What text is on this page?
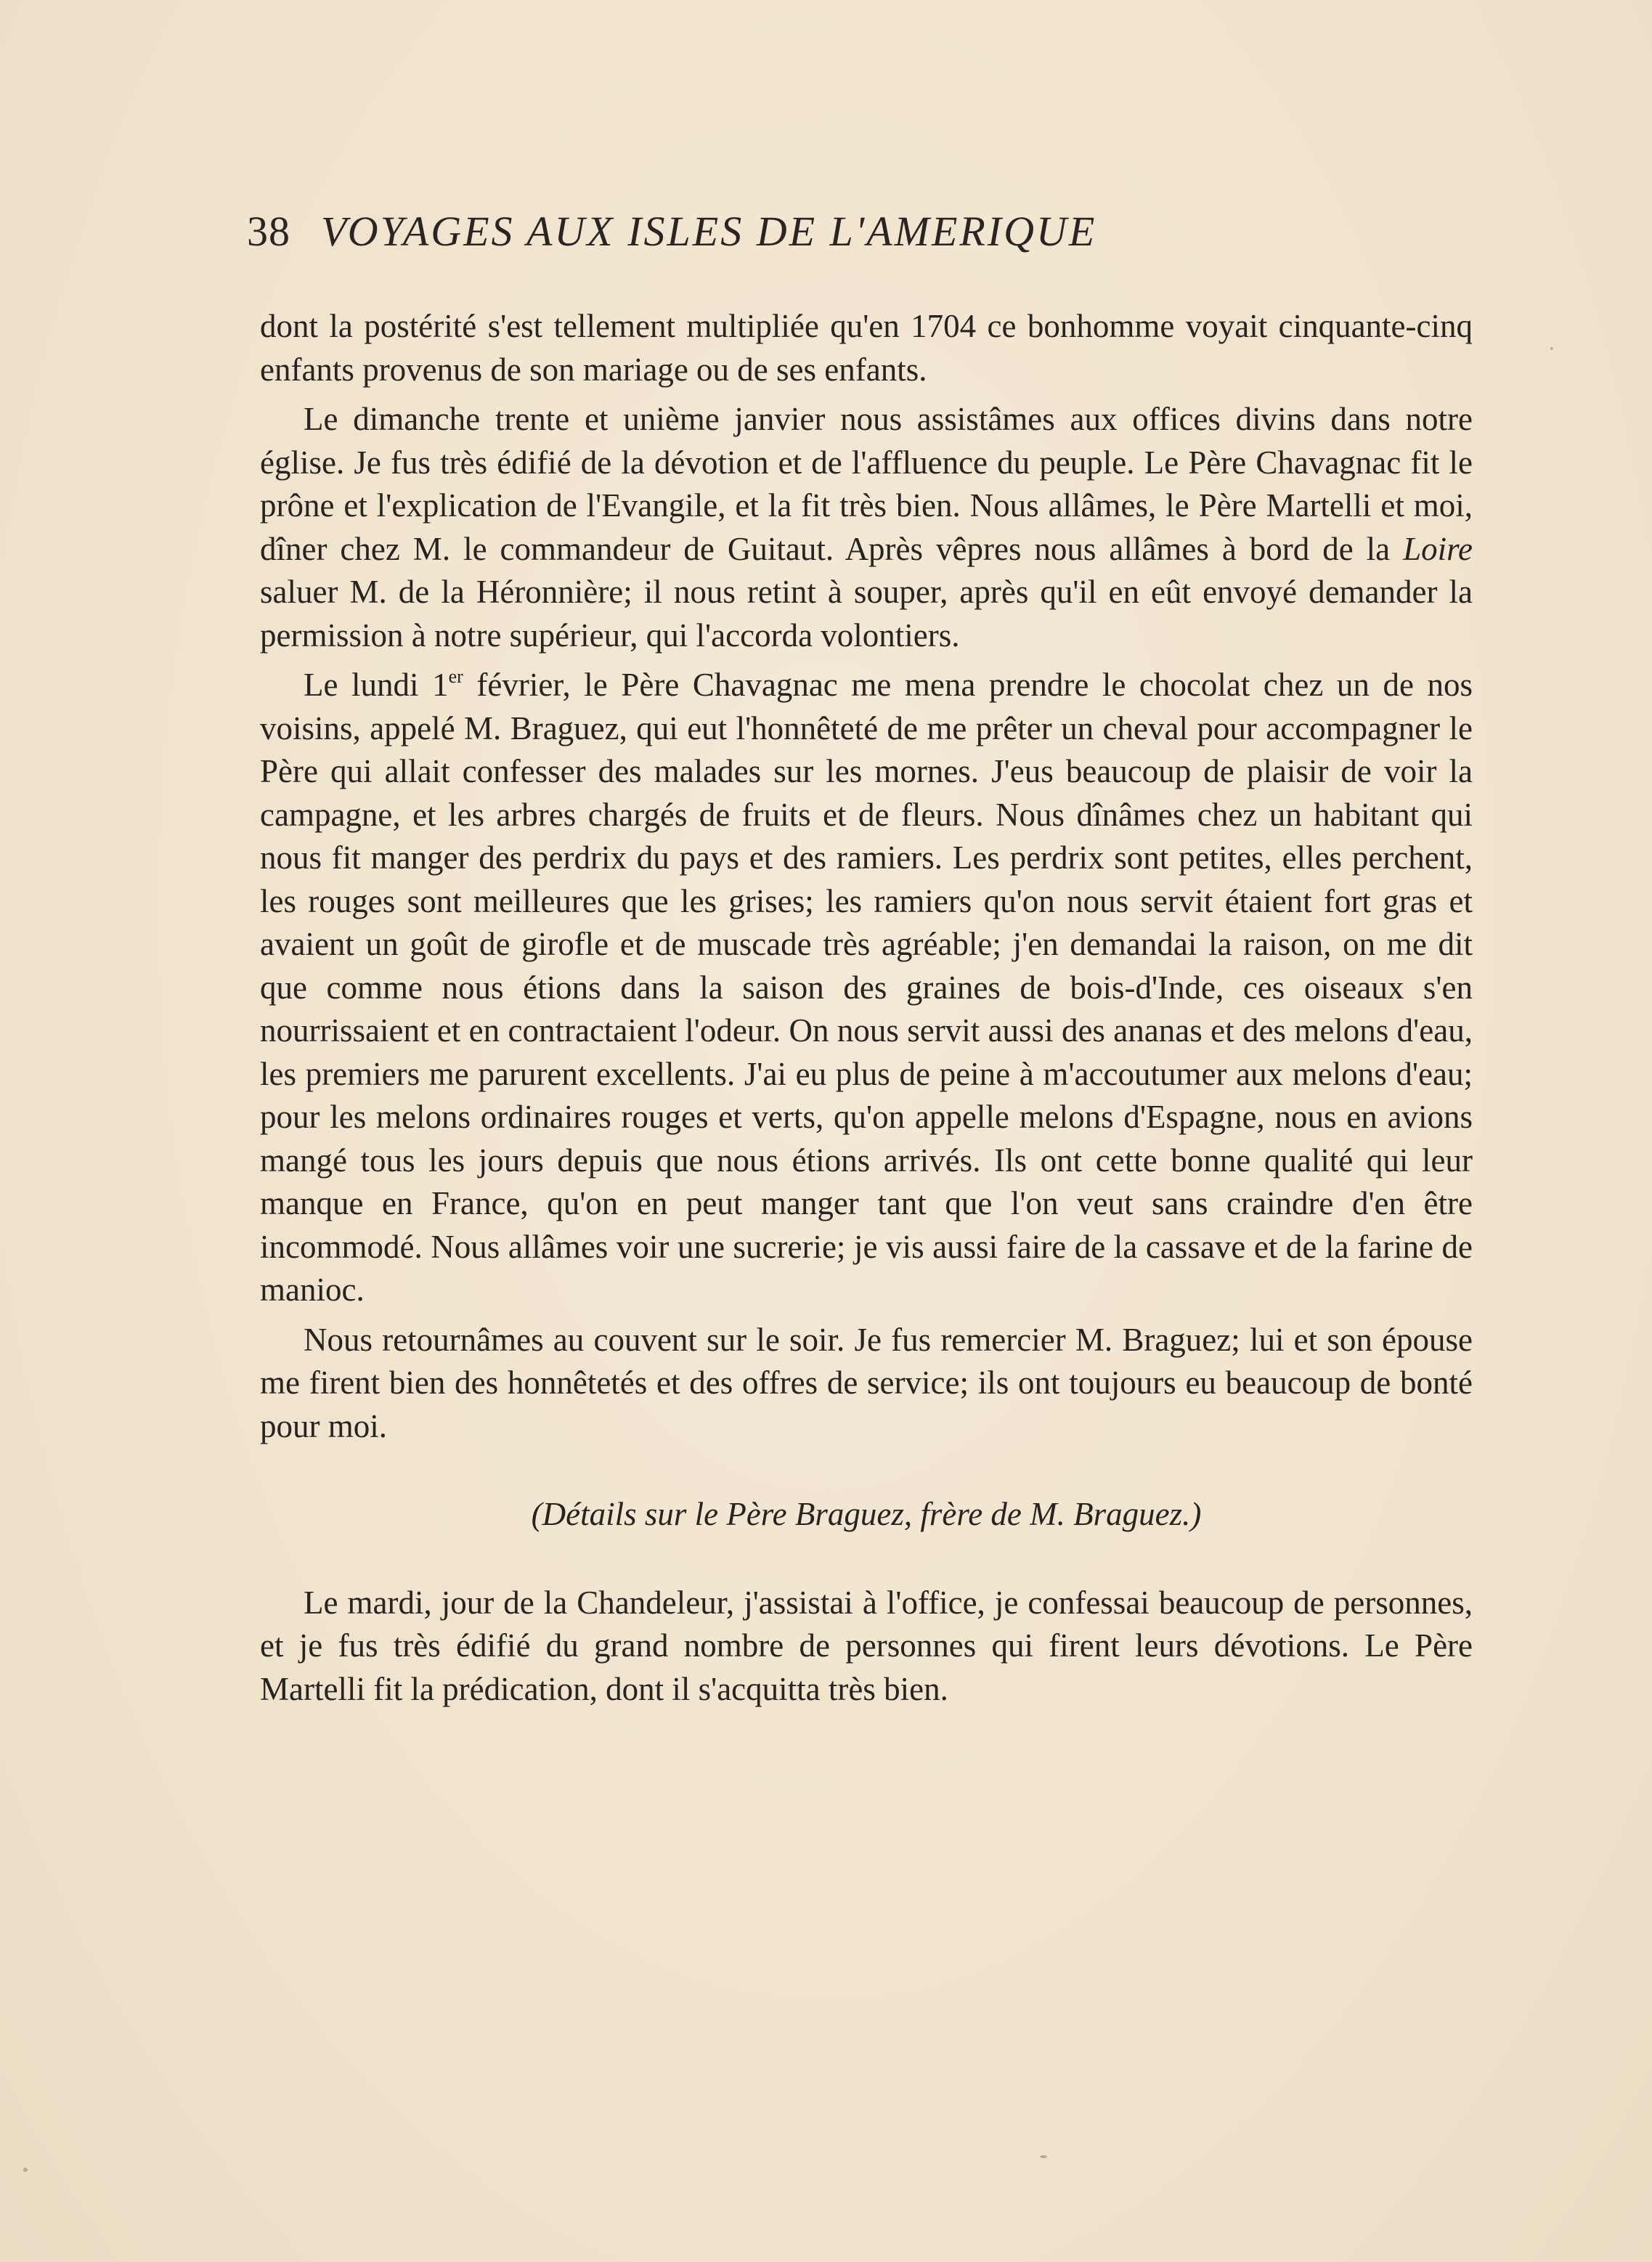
38 VOYAGES AUX ISLES DE L'AMERIQUE

dont la postérité s'est tellement multipliée qu'en 1704 ce bonhomme voyait cinquante-cinq enfants provenus de son mariage ou de ses enfants.

Le dimanche trente et unième janvier nous assistâmes aux offices divins dans notre église. Je fus très édifié de la dévotion et de l'affluence du peuple. Le Père Chavagnac fit le prône et l'explication de l'Evangile, et la fit très bien. Nous allâmes, le Père Martelli et moi, dîner chez M. le commandeur de Guitaut. Après vêpres nous allâmes à bord de la Loire saluer M. de la Héronnière; il nous retint à souper, après qu'il en eût envoyé demander la permission à notre supérieur, qui l'accorda volontiers.

Le lundi 1er février, le Père Chavagnac me mena prendre le chocolat chez un de nos voisins, appelé M. Braguez, qui eut l'honnêteté de me prêter un cheval pour accompagner le Père qui allait confesser des malades sur les mornes. J'eus beaucoup de plaisir de voir la campagne, et les arbres chargés de fruits et de fleurs. Nous dînâmes chez un habitant qui nous fit manger des perdrix du pays et des ramiers. Les perdrix sont petites, elles perchent, les rouges sont meilleures que les grises; les ramiers qu'on nous servit étaient fort gras et avaient un goût de girofle et de muscade très agréable; j'en demandai la raison, on me dit que comme nous étions dans la saison des graines de bois-d'Inde, ces oiseaux s'en nourrissaient et en contractaient l'odeur. On nous servit aussi des ananas et des melons d'eau, les premiers me parurent excellents. J'ai eu plus de peine à m'accoutumer aux melons d'eau; pour les melons ordinaires rouges et verts, qu'on appelle melons d'Espagne, nous en avions mangé tous les jours depuis que nous étions arrivés. Ils ont cette bonne qualité qui leur manque en France, qu'on en peut manger tant que l'on veut sans craindre d'en être incommodé. Nous allâmes voir une sucrerie; je vis aussi faire de la cassave et de la farine de manioc.

Nous retournâmes au couvent sur le soir. Je fus remercier M. Braguez; lui et son épouse me firent bien des honnêtetés et des offres de service; ils ont toujours eu beaucoup de bonté pour moi.

(Détails sur le Père Braguez, frère de M. Braguez.)

Le mardi, jour de la Chandeleur, j'assistai à l'office, je confessai beaucoup de personnes, et je fus très édifié du grand nombre de personnes qui firent leurs dévotions. Le Père Martelli fit la prédication, dont il s'acquitta très bien.
